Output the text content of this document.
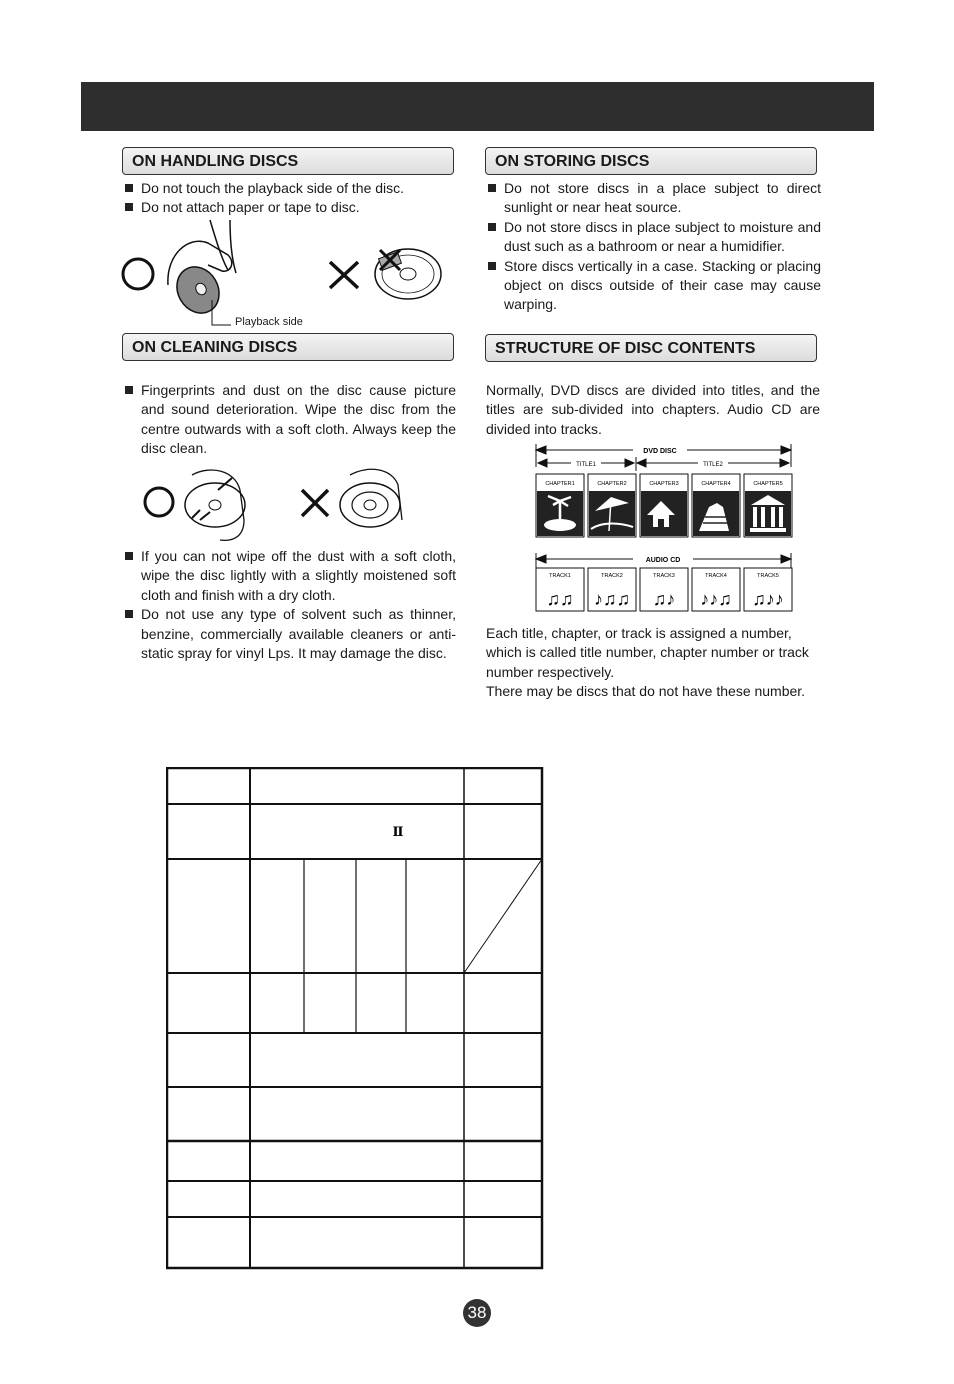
ON HANDLING DISCS
Do not touch the playback side of the disc.
Do not attach paper or tape to disc.
Playback side
ON CLEANING DISCS
Fingerprints and dust on the disc cause picture and sound deterioration. Wipe the disc from the centre outwards with a soft cloth. Always keep the disc clean.
If you can not wipe off the dust with a soft cloth, wipe the disc lightly with a slightly moistened soft cloth and finish with a dry cloth.
Do not use any type of solvent such as thinner, benzine, commercially available cleaners or anti-static spray for vinyl Lps. It may damage the disc.
ON STORING DISCS
Do not store discs in a place subject to direct sunlight or near heat source.
Do not store discs in place subject to moisture and dust such as a bathroom or near a humidifier.
Store discs vertically in a case. Stacking or placing object on discs outside of their case may cause warping.
STRUCTURE OF DISC CONTENTS

Normally, DVD discs are divided into titles, and the titles are sub-divided into chapters. Audio CD are divided into tracks.

DVD DISC
TITLE1	TITLE2
AUDIO CD
CHAPTER1	CHAPTER2	CHAPTER3	CHAPTER4	CHAPTER5
TRACK1
♫♫
TRACK2
♪♫♫
TRACK3
♫♪
TRACK4
♪♪♫
TRACK5
♫♪♪

Each title, chapter, or track is assigned a number, which is called title number, chapter number or track number respectively.

There may be discs that do not have these number.

Ⅱ
38
